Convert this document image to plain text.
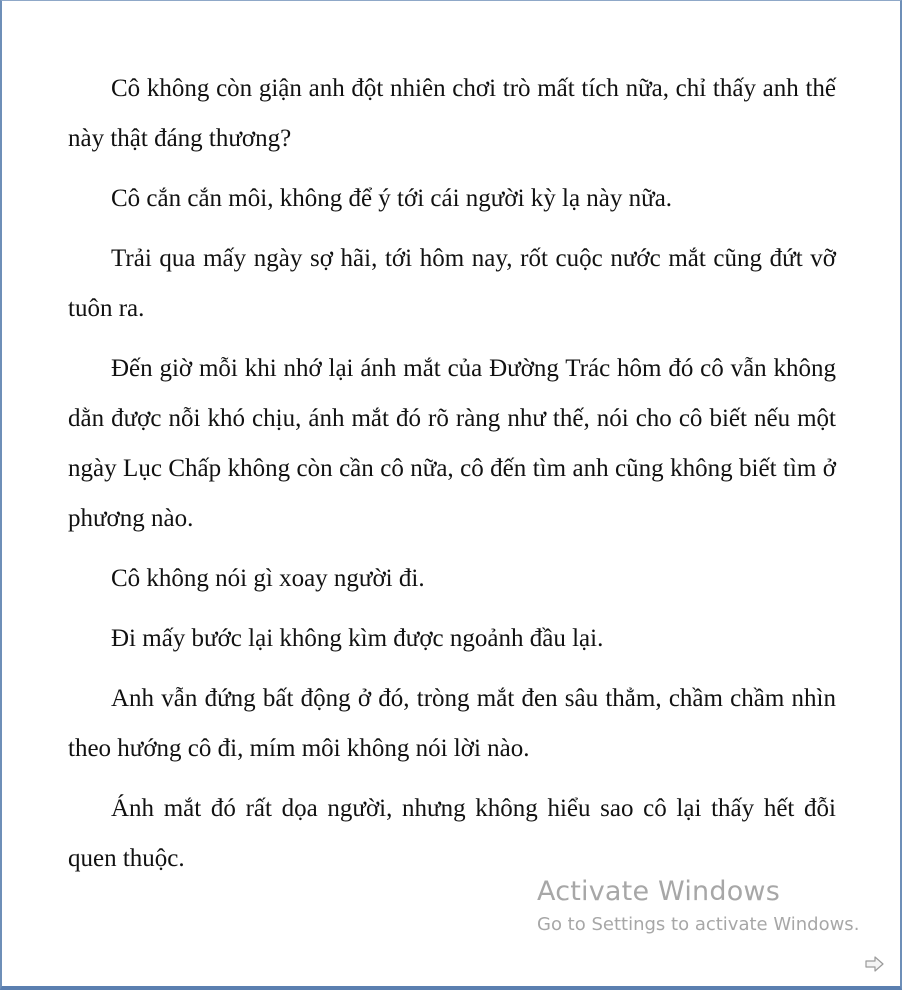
Cô không còn giận anh đột nhiên chơi trò mất tích nữa, chỉ thấy anh thế này thật đáng thương?

Cô cắn cắn môi, không để ý tới cái người kỳ lạ này nữa.

Trải qua mấy ngày sợ hãi, tới hôm nay, rốt cuộc nước mắt cũng đứt vỡ tuôn ra.

Đến giờ mỗi khi nhớ lại ánh mắt của Đường Trác hôm đó cô vẫn không dằn được nỗi khó chịu, ánh mắt đó rõ ràng như thế, nói cho cô biết nếu một ngày Lục Chấp không còn cần cô nữa, cô đến tìm anh cũng không biết tìm ở phương nào.

Cô không nói gì xoay người đi.

Đi mấy bước lại không kìm được ngoảnh đầu lại.

Anh vẫn đứng bất động ở đó, tròng mắt đen sâu thẳm, chầm chầm nhìn theo hướng cô đi, mím môi không nói lời nào.

Ánh mắt đó rất dọa người, nhưng không hiểu sao cô lại thấy hết đỗi quen thuộc.

Activate Windows
Go to Settings to activate Windows.
